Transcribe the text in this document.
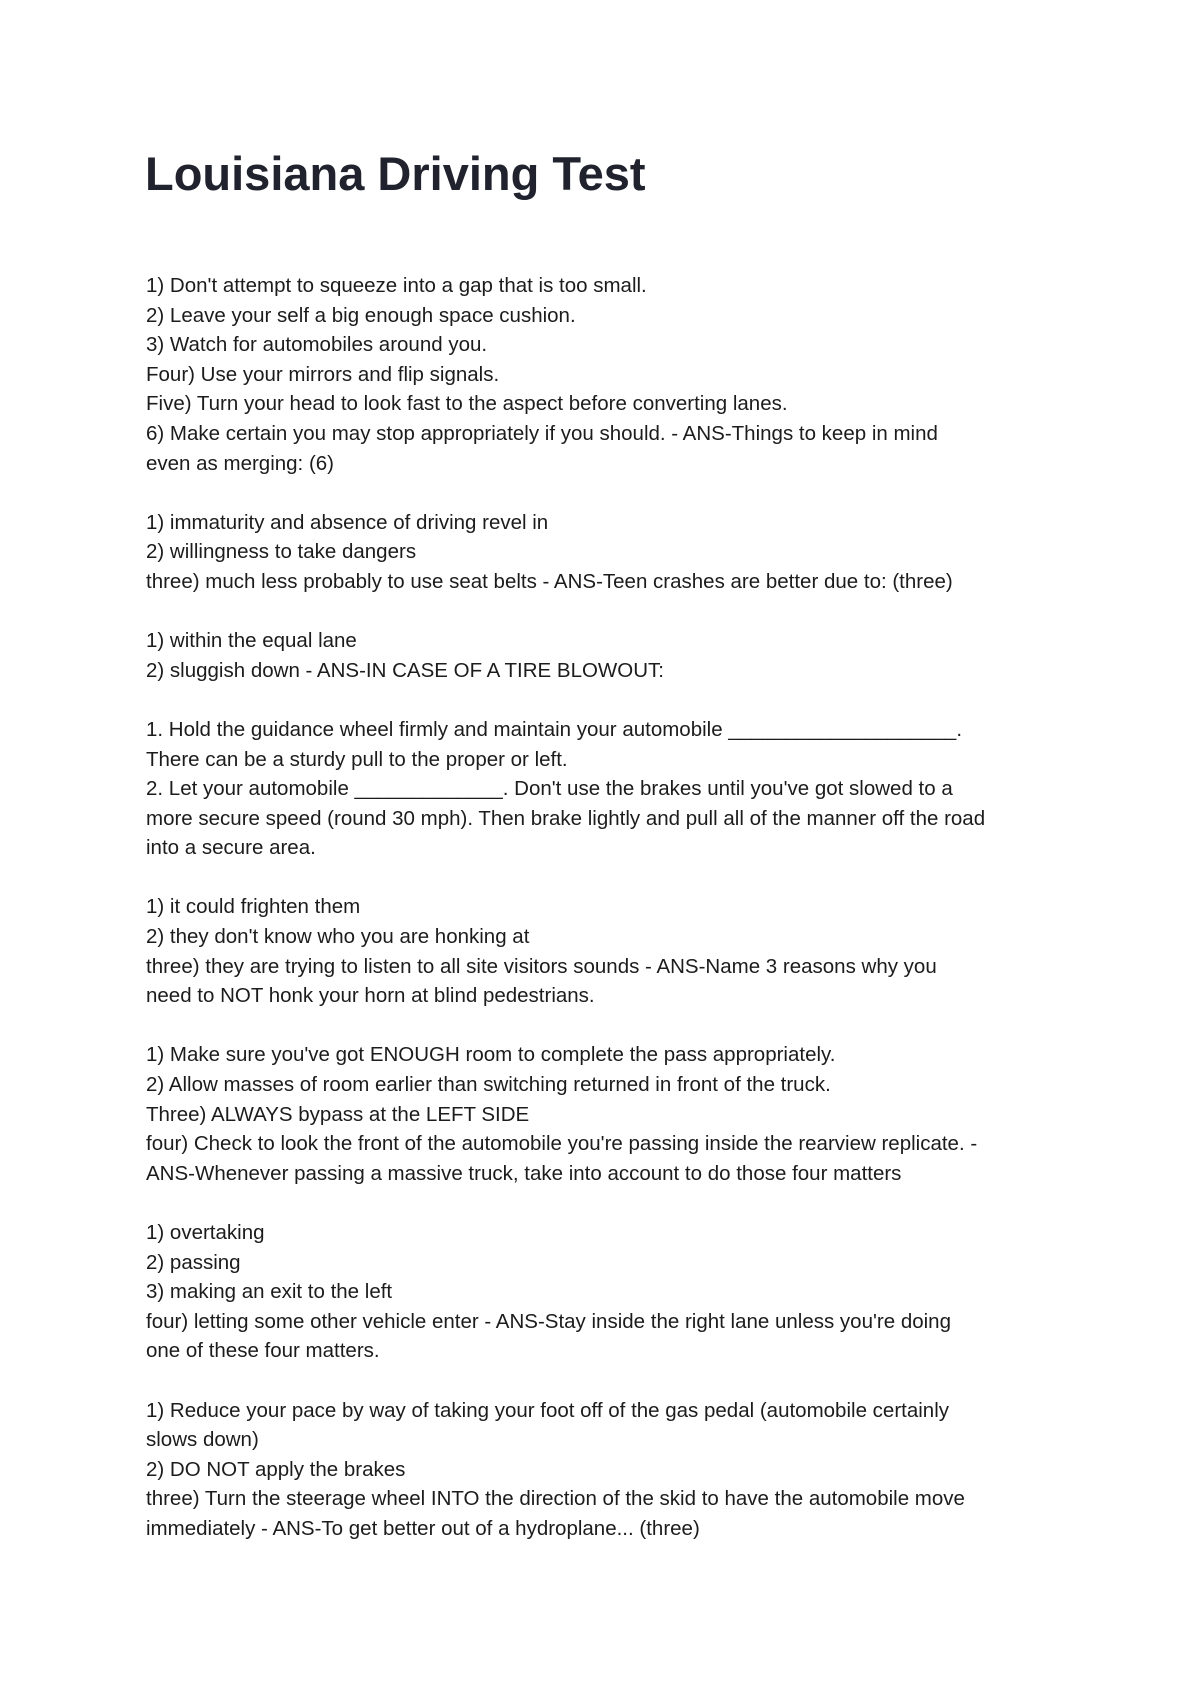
Louisiana Driving Test
1) Don't attempt to squeeze into a gap that is too small.
2) Leave your self a big enough space cushion.
3) Watch for automobiles around you.
Four) Use your mirrors and flip signals.
Five) Turn your head to look fast to the aspect before converting lanes.
6) Make certain you may stop appropriately if you should. - ANS-Things to keep in mind
even as merging: (6)
1) immaturity and absence of driving revel in
2) willingness to take dangers
three) much less probably to use seat belts - ANS-Teen crashes are better due to: (three)
1) within the equal lane
2) sluggish down - ANS-IN CASE OF A TIRE BLOWOUT:
1. Hold the guidance wheel firmly and maintain your automobile ____________________.
There can be a sturdy pull to the proper or left.
2. Let your automobile _____________. Don't use the brakes until you've got slowed to a
more secure speed (round 30 mph). Then brake lightly and pull all of the manner off the road
into a secure area.
1) it could frighten them
2) they don't know who you are honking at
three) they are trying to listen to all site visitors sounds - ANS-Name 3 reasons why you
need to NOT honk your horn at blind pedestrians.
1) Make sure you've got ENOUGH room to complete the pass appropriately.
2) Allow masses of room earlier than switching returned in front of the truck.
Three) ALWAYS bypass at the LEFT SIDE
four) Check to look the front of the automobile you're passing inside the rearview replicate. -
ANS-Whenever passing a massive truck, take into account to do those four matters
1) overtaking
2) passing
3) making an exit to the left
four) letting some other vehicle enter - ANS-Stay inside the right lane unless you're doing
one of these four matters.
1) Reduce your pace by way of taking your foot off of the gas pedal (automobile certainly
slows down)
2) DO NOT apply the brakes
three) Turn the steerage wheel INTO the direction of the skid to have the automobile move
immediately - ANS-To get better out of a hydroplane... (three)
